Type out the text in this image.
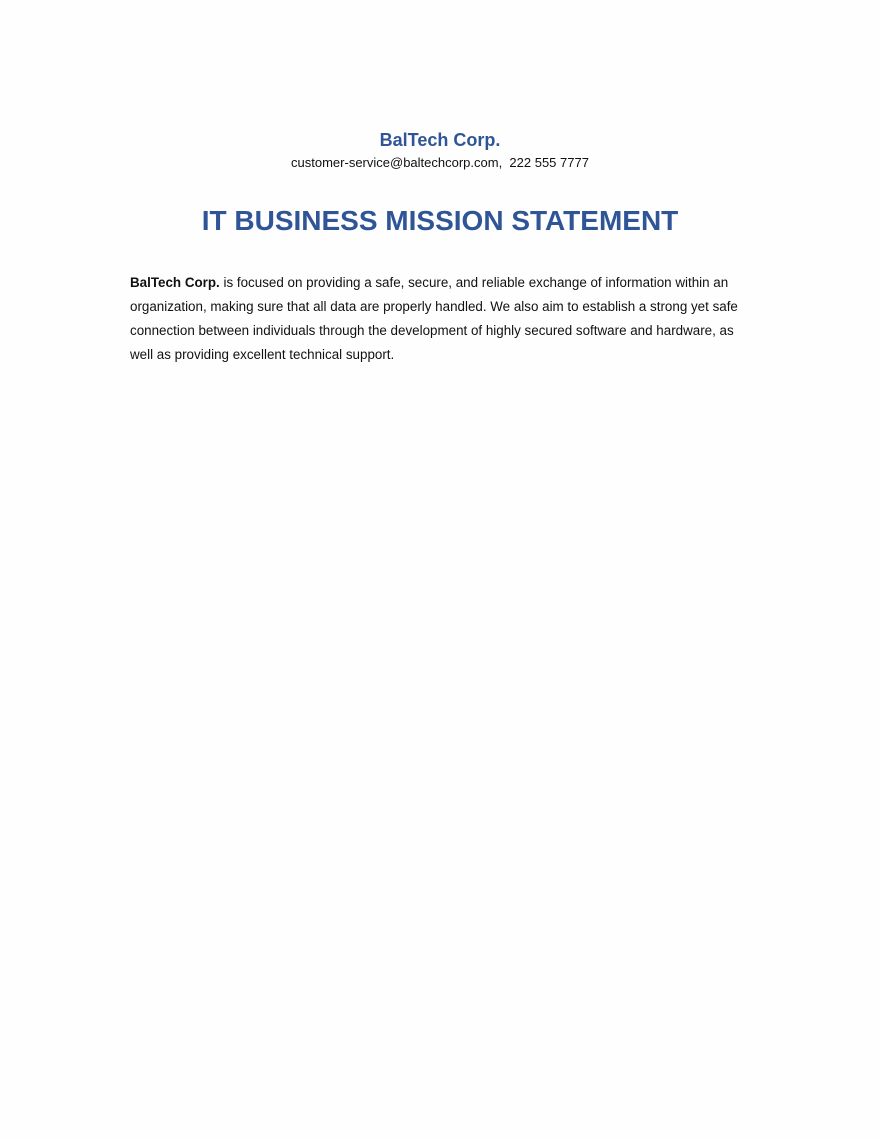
BalTech Corp.
customer-service@baltechcorp.com, 222 555 7777
IT BUSINESS MISSION STATEMENT

BalTech Corp. is focused on providing a safe, secure, and reliable exchange of information within an organization, making sure that all data are properly handled. We also aim to establish a strong yet safe connection between individuals through the development of highly secured software and hardware, as well as providing excellent technical support.
